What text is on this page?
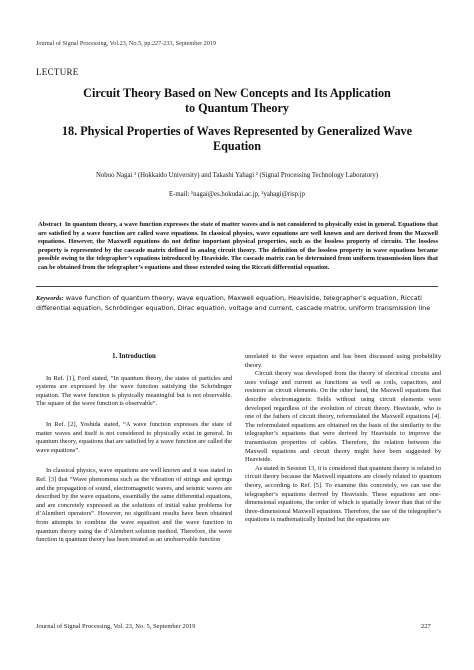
Journal of Signal Processing, Vol.23, No.5, pp.227-233, September 2019
LECTURE
Circuit Theory Based on New Concepts and Its Application
to Quantum Theory
18. Physical Properties of Waves Represented by Generalized Wave
Equation
Nobuo Nagai ¹ (Hokkaido University) and Takashi Yahagi ² (Signal Processing Technology Laboratory)
E-mail: ¹nagai@es.hokudai.ac.jp, ²yahagi@risp.jp

Abstract In quantum theory, a wave function expresses the state of matter waves and is not considered to physically exist in general. Equations that are satisfied by a wave function are called wave equations. In classical physics, wave equations are well known and are derived from the Maxwell equations. However, the Maxwell equations do not define important physical properties, such as the lossless property of circuits. The lossless property is represented by the cascade matrix defined in analog circuit theory. The definition of the lossless property in wave equations became possible owing to the telegrapher’s equations introduced by Heaviside. The cascade matrix can be determined from uniform transmission lines that can be obtained from the telegrapher’s equations and those extended using the Riccati differential equation.

Keywords: wave function of quantum theory, wave equation, Maxwell equation, Heaviside, telegrapher’s equation, Riccati differential equation, Schrödinger equation, Dirac equation, voltage and current, cascade matrix, uniform transmission line

1. Introduction

In Ref. [1], Ford stated, “In quantum theory, the states of particles and systems are expressed by the wave function satisfying the Schrödinger equation. The wave function is physically meaningful but is not observable. The square of the wave function is observable”.

In Ref. [2], Yoshida stated, “A wave function expresses the state of matter waves and itself is not considered to physically exist in general. In quantum theory, equations that are satisfied by a wave function are called the wave equations”.

In classical physics, wave equations are well known and it was stated in Ref. [3] that “Wave phenomena such as the vibration of strings and springs and the propagation of sound, electromagnetic waves, and seismic waves are described by the wave equations, essentially the same differential equations, and are concretely expressed as the solutions of initial value problems for d’Alembert operators”. However, no significant results have been obtained from attempts to combine the wave equation and the wave function in quantum theory using the d’Alembert solution method. Therefore, the wave function in quantum theory has been treated as an unobservable function

unrelated to the wave equation and has been discussed using probability theory.

Circuit theory was developed from the theory of electrical circuits and uses voltage and current as functions as well as coils, capacitors, and resistors as circuit elements. On the other hand, the Maxwell equations that describe electromagnetic fields without using circuit elements were developed regardless of the evolution of circuit theory. Heaviside, who is one of the fathers of circuit theory, reformulated the Maxwell equations [4]. The reformulated equations are obtained on the basis of the similarity to the telegrapher’s equations that were derived by Heaviside to improve the transmission properties of cables. Therefore, the relation between the Maxwell equations and circuit theory might have been suggested by Heaviside.

As stated in Session 13, it is considered that quantum theory is related to circuit theory because the Maxwell equations are closely related to quantum theory, according to Ref. [5]. To examine this concretely, we can use the telegrapher’s equations derived by Heaviside. These equations are one-dimensional equations, the order of which is spatially lower than that of the three-dimensional Maxwell equations. Therefore, the use of the telegrapher’s equations is mathematically limited but the equations are

Journal of Signal Processing, Vol. 23, No. 5, September 2019	227
